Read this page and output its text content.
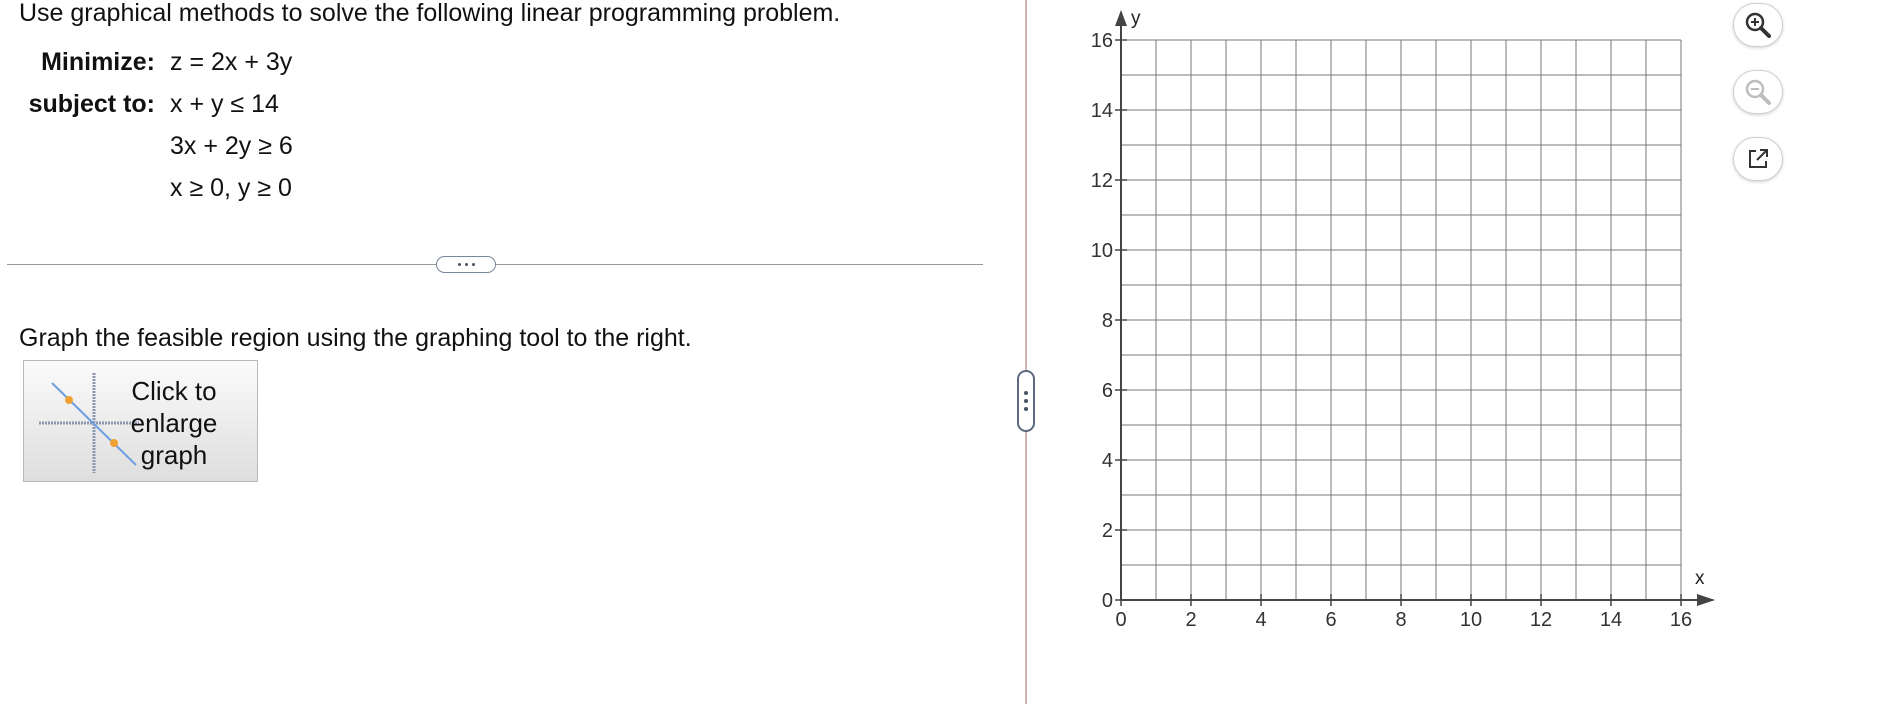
Use graphical methods to solve the following linear programming problem.
Minimize: z = 2x + 3y
subject to: x + y ≤ 14
3x + 2y ≥ 6
x ≥ 0, y ≥ 0
Graph the feasible region using the graphing tool to the right.
Click to
enlarge
graph
0	2	4	6	8	10 12 14 16
0
2
4
6
8
10
12
14
16
x
y
